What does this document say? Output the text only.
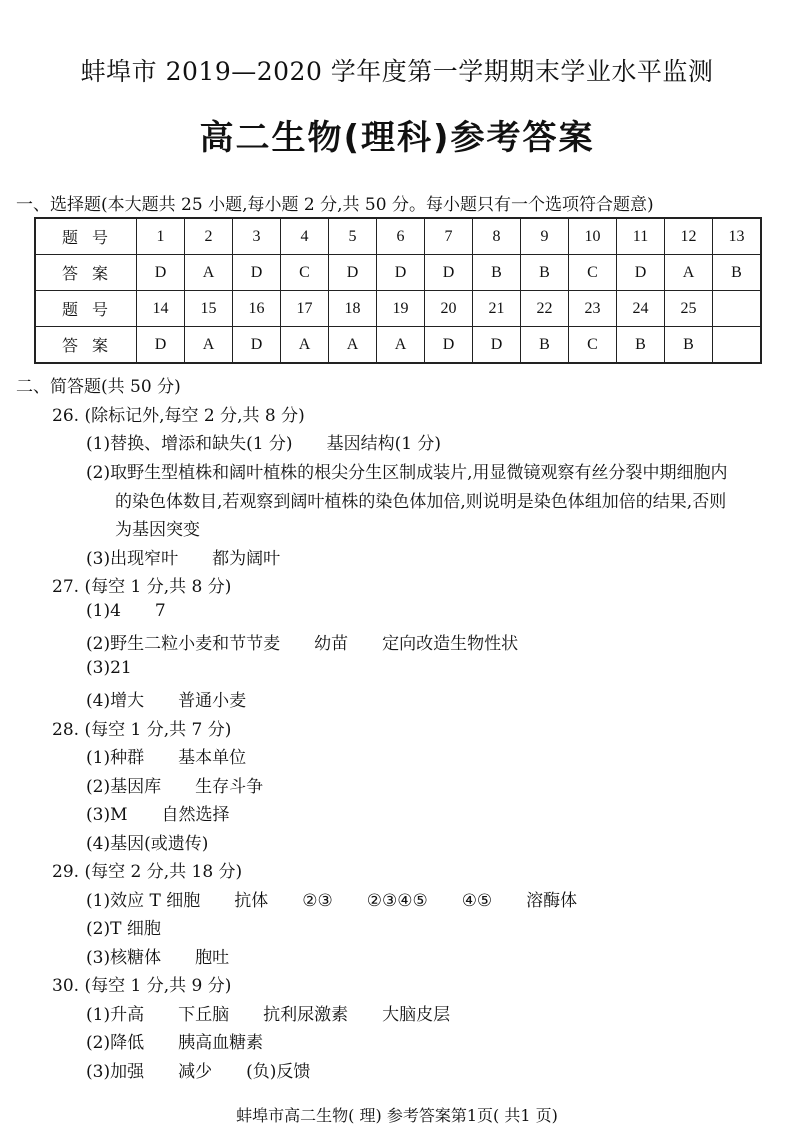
蚌埠市 2019—2020 学年度第一学期期末学业水平监测
高二生物(理科)参考答案
一、选择题(本大题共 25 小题,每小题 2 分,共 50 分。每小题只有一个选项符合题意)
题号	1	2	3	4	5	6	7	8	9	10	11	12	13
答案	D	A	D	C	D	D	D	B	B	C	D	A	B
题号	14	15	16	17	18	19	20	21	22	23	24	25	
答案	D	A	D	A	A	A	D	D	B	C	B	B	
二、简答题(共 50 分)
26. (除标记外,每空 2 分,共 8 分)
(1)替换、增添和缺失(1 分) 基因结构(1 分)
(2)取野生型植株和阔叶植株的根尖分生区制成装片,用显微镜观察有丝分裂中期细胞内
的染色体数目,若观察到阔叶植株的染色体加倍,则说明是染色体组加倍的结果,否则
为基因突变
(3)出现窄叶 都为阔叶
27. (每空 1 分,共 8 分)
(1)4 7
(2)野生二粒小麦和节节麦 幼苗 定向改造生物性状
(3)21
(4)增大 普通小麦
28. (每空 1 分,共 7 分)
(1)种群 基本单位
(2)基因库 生存斗争
(3)M 自然选择
(4)基因(或遗传)
29. (每空 2 分,共 18 分)
(1)效应 T 细胞 抗体 ②③ ②③④⑤ ④⑤ 溶酶体
(2)T 细胞
(3)核糖体 胞吐
30. (每空 1 分,共 9 分)
(1)升高 下丘脑 抗利尿激素 大脑皮层
(2)降低 胰高血糖素
(3)加强 减少 (负)反馈
蚌埠市高二生物( 理) 参考答案第1页( 共1 页)
